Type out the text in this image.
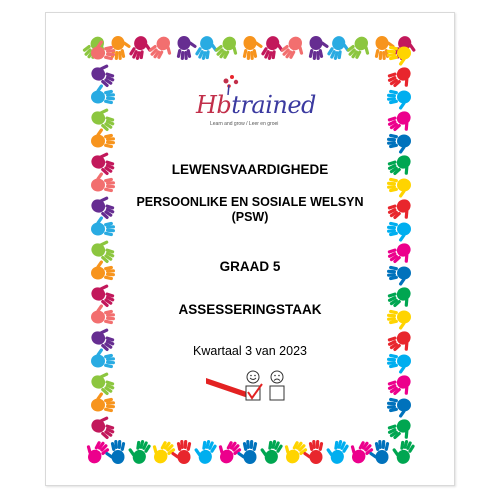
Hbtrained
Learn and grow / Leer en groei
LEWENSVAARDIGHEDE
PERSOONLIKE EN SOSIALE WELSYN
(PSW)
GRAAD 5
ASSESSERINGSTAAK
Kwartaal 3 van 2023
